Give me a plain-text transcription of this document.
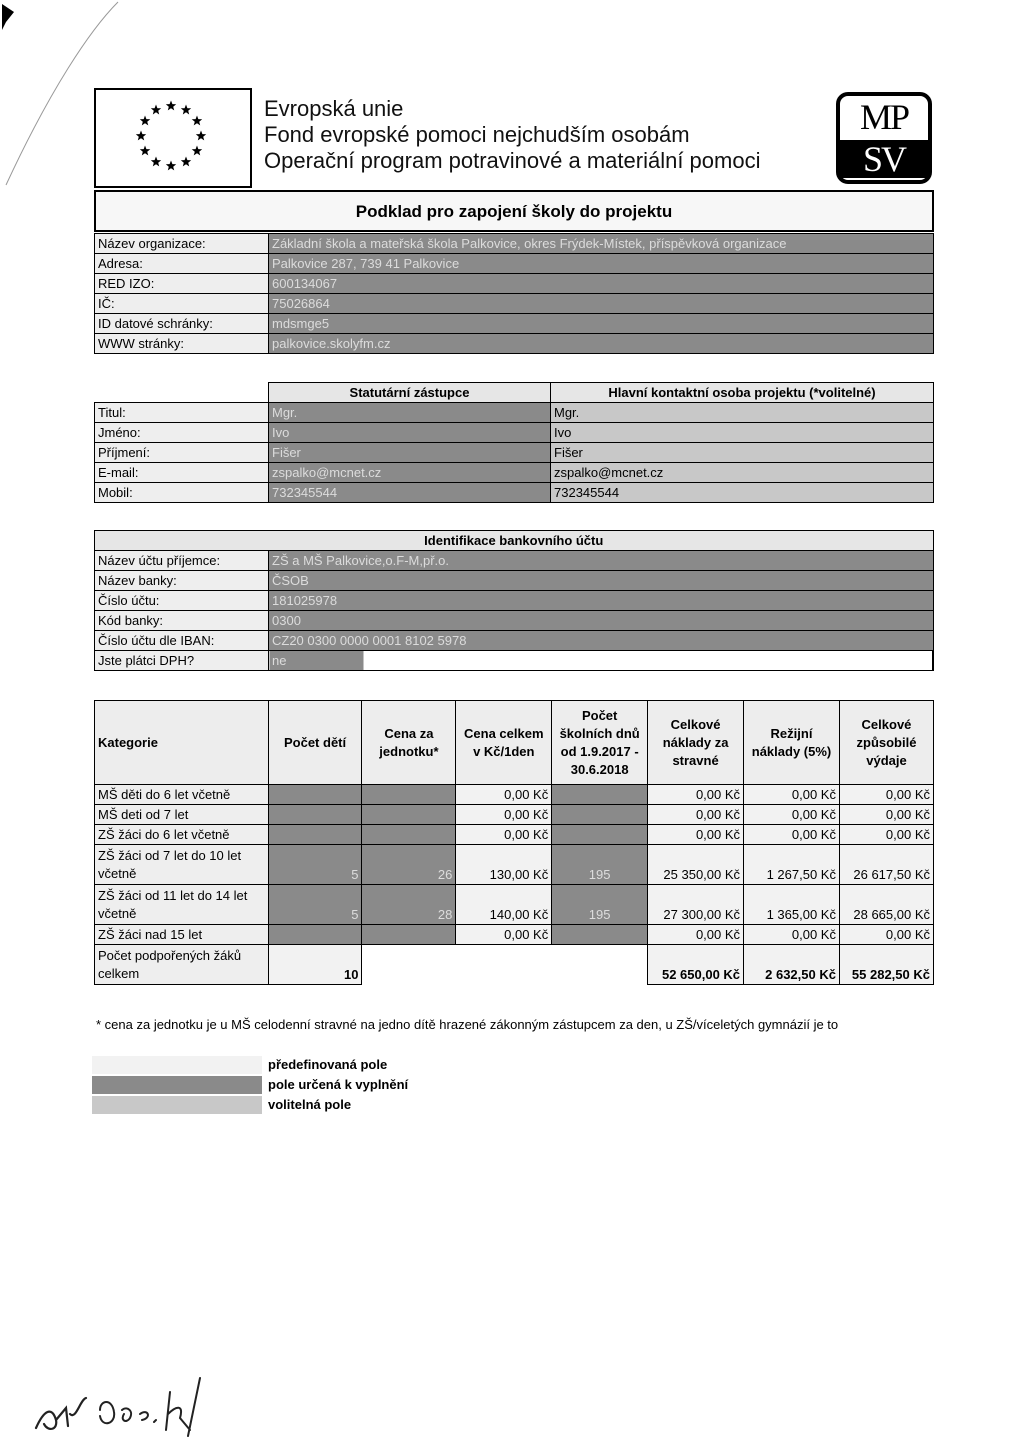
Evropská unie
Fond evropské pomoci nejchudším osobám
Operační program potravinové a materiální pomoci
MP
SV
Podklad pro zapojení školy do projektu
Název organizace:	Základní škola a mateřská škola Palkovice, okres Frýdek-Místek, příspěvková organizace
Adresa:	Palkovice 287, 739 41 Palkovice
RED IZO:	600134067
IČ:	75026864
ID datové schránky:	mdsmge5
WWW stránky:	palkovice.skolyfm.cz
	Statutární zástupce	Hlavní kontaktní osoba projektu (*volitelné)
Titul:	Mgr.	Mgr.
Jméno:	Ivo	Ivo
Příjmení:	Fišer	Fišer
E-mail:	zspalko@mcnet.cz	zspalko@mcnet.cz
Mobil:	732345544	732345544
Identifikace bankovního účtu	
Název účtu příjemce:	ZŠ a MŠ Palkovice,o.F-M,př.o.
Název banky:	ČSOB
Číslo účtu:	181025978
Kód banky:	0300
Číslo účtu dle IBAN:	CZ20 0300 0000 0001 8102 5978
Jste plátci DPH?	ne
Kategorie	Počet dětí	Cena za jednotku*	Cena celkem v Kč/1den	Počet školních dnů od 1.9.2017 - 30.6.2018	Celkové náklady za stravné	Režijní náklady (5%)	Celkové způsobilé výdaje
MŠ děti do 6 let včetně			0,00 Kč		0,00 Kč	0,00 Kč	0,00 Kč
MŠ deti od 7 let			0,00 Kč		0,00 Kč	0,00 Kč	0,00 Kč
ZŠ žáci do 6 let včetně			0,00 Kč		0,00 Kč	0,00 Kč	0,00 Kč
ZŠ žáci od 7 let do 10 let včetně	5	26	130,00 Kč	195	25 350,00 Kč	1 267,50 Kč	26 617,50 Kč
ZŠ žáci od 11 let do 14 let včetně	5	28	140,00 Kč	195	27 300,00 Kč	1 365,00 Kč	28 665,00 Kč
ZŠ žáci nad 15 let			0,00 Kč		0,00 Kč	0,00 Kč	0,00 Kč
Počet podpořených žáků celkem	10				52 650,00 Kč	2 632,50 Kč	55 282,50 Kč
* cena za jednotku je u MŠ celodenní stravné na jedno dítě hrazené zákonným zástupcem za den, u ZŠ/víceletých gymnázií je to
předefinovaná pole
pole určená k vyplnění
volitelná pole
